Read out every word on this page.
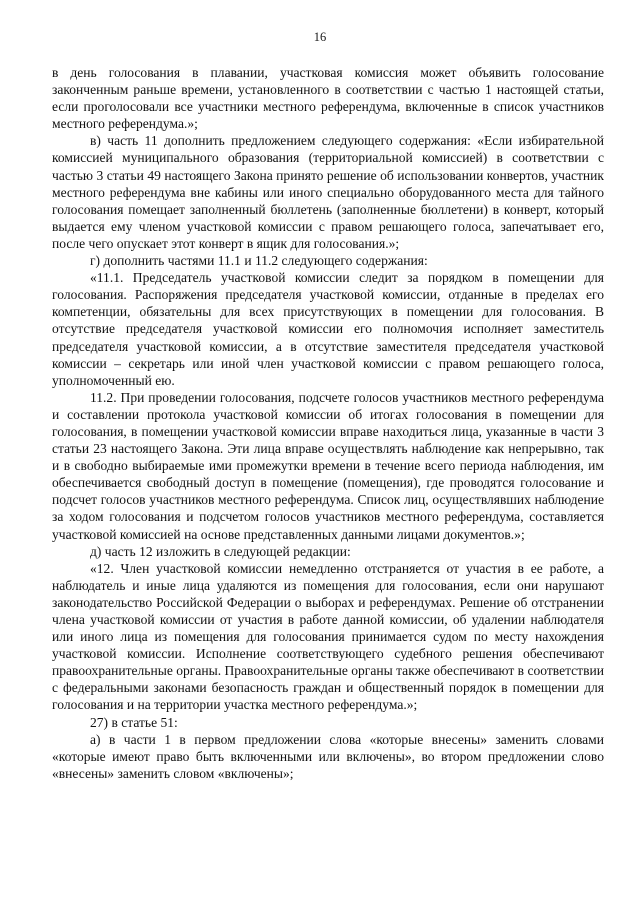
16

в день голосования в плавании, участковая комиссия может объявить голосование законченным раньше времени, установленного в соответствии с частью 1 настоящей статьи, если проголосовали все участники местного референдума, включенные в список участников местного референдума.»;

в) часть 11 дополнить предложением следующего содержания: «Если избирательной комиссией муниципального образования (территориальной комиссией) в соответствии с частью 3 статьи 49 настоящего Закона принято решение об использовании конвертов, участник местного референдума вне кабины или иного специально оборудованного места для тайного голосования помещает заполненный бюллетень (заполненные бюллетени) в конверт, который выдается ему членом участковой комиссии с правом решающего голоса, запечатывает его, после чего опускает этот конверт в ящик для голосования.»;

г) дополнить частями 11.1 и 11.2 следующего содержания:

«11.1. Председатель участковой комиссии следит за порядком в помещении для голосования. Распоряжения председателя участковой комиссии, отданные в пределах его компетенции, обязательны для всех присутствующих в помещении для голосования. В отсутствие председателя участковой комиссии его полномочия исполняет заместитель председателя участковой комиссии, а в отсутствие заместителя председателя участковой комиссии – секретарь или иной член участковой комиссии с правом решающего голоса, уполномоченный ею.

11.2. При проведении голосования, подсчете голосов участников местного референдума и составлении протокола участковой комиссии об итогах голосования в помещении для голосования, в помещении участковой комиссии вправе находиться лица, указанные в части 3 статьи 23 настоящего Закона. Эти лица вправе осуществлять наблюдение как непрерывно, так и в свободно выбираемые ими промежутки времени в течение всего периода наблюдения, им обеспечивается свободный доступ в помещение (помещения), где проводятся голосование и подсчет голосов участников местного референдума. Список лиц, осуществлявших наблюдение за ходом голосования и подсчетом голосов участников местного референдума, составляется участковой комиссией на основе представленных данными лицами документов.»;

д) часть 12 изложить в следующей редакции:

«12. Член участковой комиссии немедленно отстраняется от участия в ее работе, а наблюдатель и иные лица удаляются из помещения для голосования, если они нарушают законодательство Российской Федерации о выборах и референдумах. Решение об отстранении члена участковой комиссии от участия в работе данной комиссии, об удалении наблюдателя или иного лица из помещения для голосования принимается судом по месту нахождения участковой комиссии. Исполнение соответствующего судебного решения обеспечивают правоохранительные органы. Правоохранительные органы также обеспечивают в соответствии с федеральными законами безопасность граждан и общественный порядок в помещении для голосования и на территории участка местного референдума.»;

27) в статье 51:

а) в части 1 в первом предложении слова «которые внесены» заменить словами «которые имеют право быть включенными или включены», во втором предложении слово «внесены» заменить словом «включены»;
